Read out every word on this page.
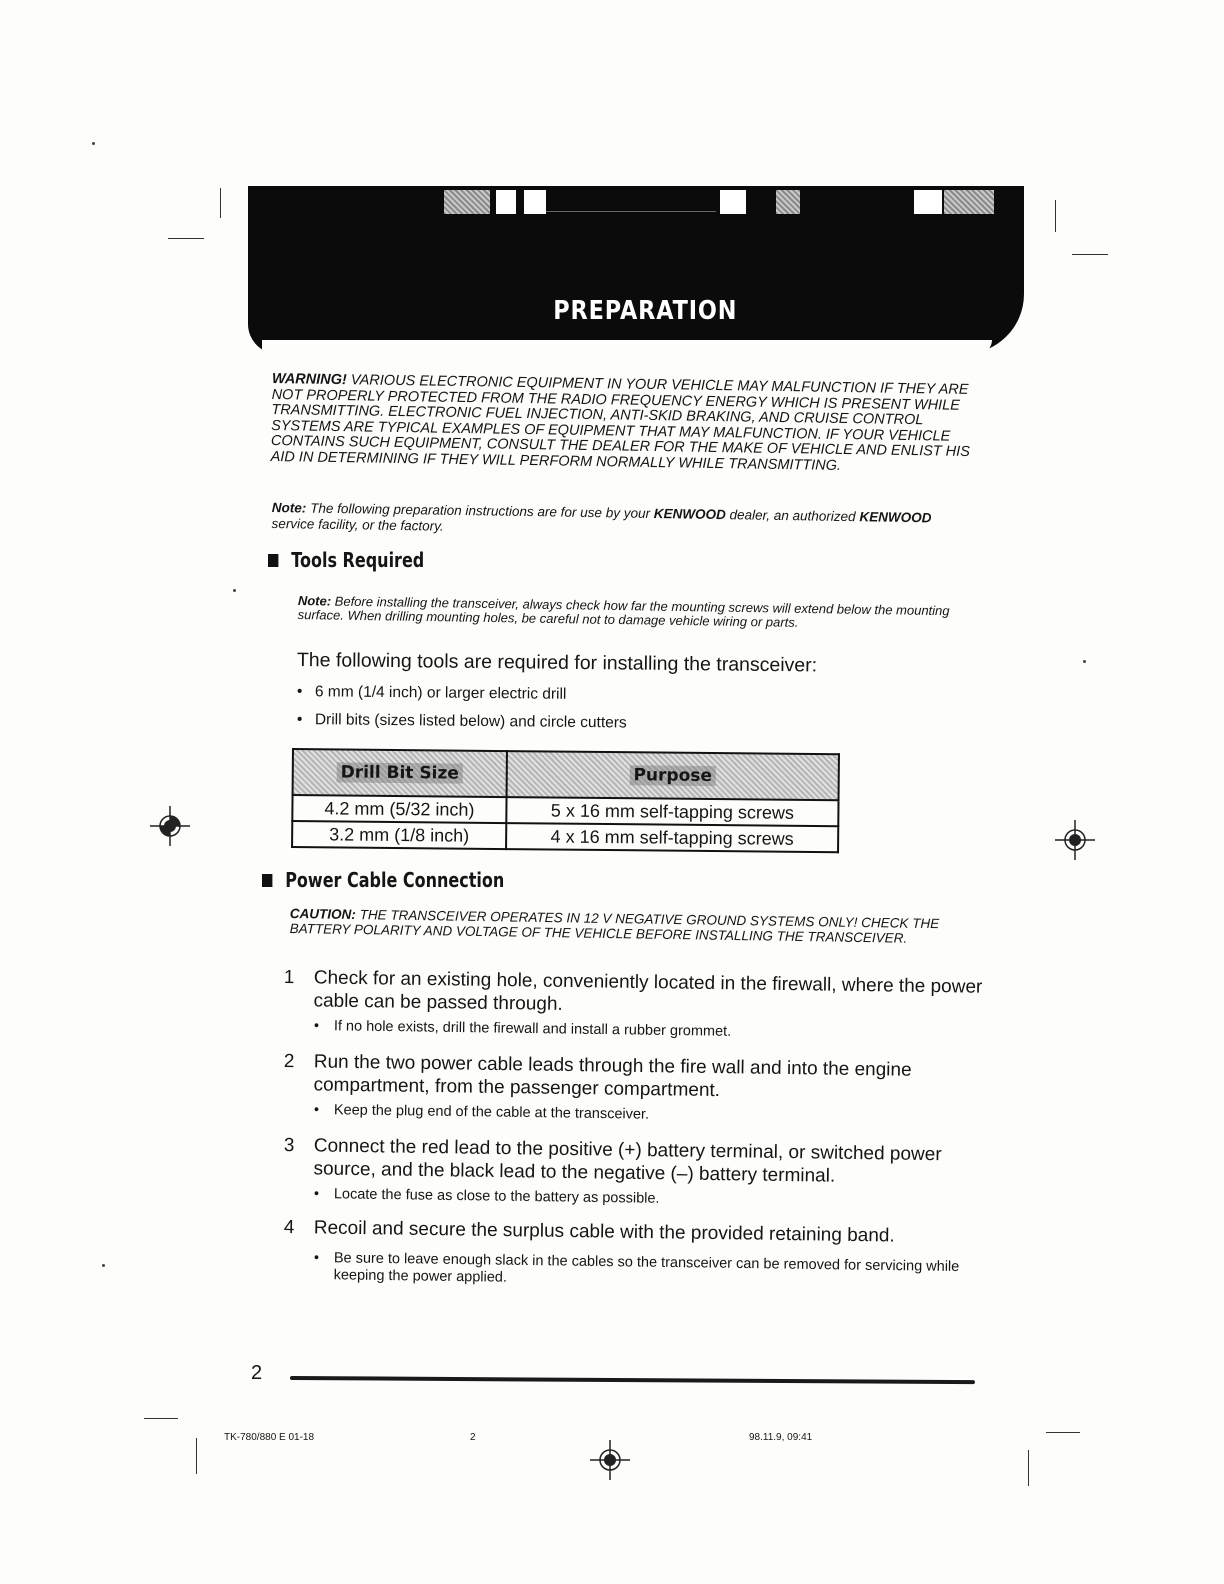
PREPARATION
WARNING! VARIOUS ELECTRONIC EQUIPMENT IN YOUR VEHICLE MAY MALFUNCTION IF THEY ARE NOT PROPERLY PROTECTED FROM THE RADIO FREQUENCY ENERGY WHICH IS PRESENT WHILE TRANSMITTING. ELECTRONIC FUEL INJECTION, ANTI-SKID BRAKING, AND CRUISE CONTROL SYSTEMS ARE TYPICAL EXAMPLES OF EQUIPMENT THAT MAY MALFUNCTION. IF YOUR VEHICLE CONTAINS SUCH EQUIPMENT, CONSULT THE DEALER FOR THE MAKE OF VEHICLE AND ENLIST HIS AID IN DETERMINING IF THEY WILL PERFORM NORMALLY WHILE TRANSMITTING.
Note: The following preparation instructions are for use by your KENWOOD dealer, an authorized KENWOOD service facility, or the factory.
Tools Required
Note: Before installing the transceiver, always check how far the mounting screws will extend below the mounting surface. When drilling mounting holes, be careful not to damage vehicle wiring or parts.
The following tools are required for installing the transceiver:
• 6 mm (1/4 inch) or larger electric drill
• Drill bits (sizes listed below) and circle cutters
Drill Bit Size	Purpose
4.2 mm (5/32 inch)	5 x 16 mm self-tapping screws
3.2 mm (1/8 inch)	4 x 16 mm self-tapping screws
Power Cable Connection
CAUTION: THE TRANSCEIVER OPERATES IN 12 V NEGATIVE GROUND SYSTEMS ONLY! CHECK THE BATTERY POLARITY AND VOLTAGE OF THE VEHICLE BEFORE INSTALLING THE TRANSCEIVER.
1	Check for an existing hole, conveniently located in the firewall, where the power cable can be passed through.
•	If no hole exists, drill the firewall and install a rubber grommet.
2	Run the two power cable leads through the fire wall and into the engine compartment, from the passenger compartment.
•	Keep the plug end of the cable at the transceiver.
3	Connect the red lead to the positive (+) battery terminal, or switched power source, and the black lead to the negative (–) battery terminal.
•	Locate the fuse as close to the battery as possible.
4	Recoil and secure the surplus cable with the provided retaining band.
•	Be sure to leave enough slack in the cables so the transceiver can be removed for servicing while keeping the power applied.
2
TK-780/880 E 01-18	2	98.11.9, 09:41
